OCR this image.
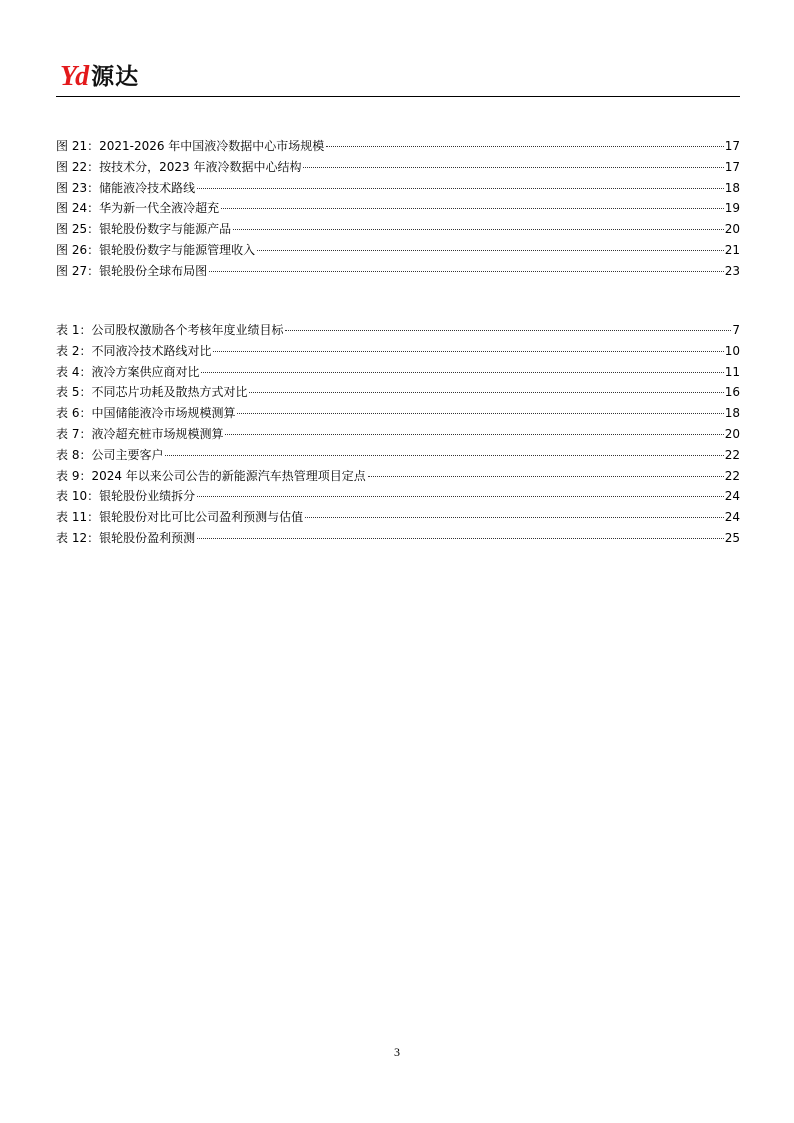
Yd 源达
图 21：2021-2026 年中国液冷数据中心市场规模	17
图 22：按技术分，2023 年液冷数据中心结构	17
图 23：储能液冷技术路线	18
图 24：华为新一代全液冷超充	19
图 25：银轮股份数字与能源产品	20
图 26：银轮股份数字与能源管理收入	21
图 27：银轮股份全球布局图	23
表 1：公司股权激励各个考核年度业绩目标	7
表 2：不同液冷技术路线对比	10
表 4：液冷方案供应商对比	11
表 5：不同芯片功耗及散热方式对比	16
表 6：中国储能液冷市场规模测算	18
表 7：液冷超充桩市场规模测算	20
表 8：公司主要客户	22
表 9：2024 年以来公司公告的新能源汽车热管理项目定点	22
表 10：银轮股份业绩拆分	24
表 11：银轮股份对比可比公司盈利预测与估值	24
表 12：银轮股份盈利预测	25
3
